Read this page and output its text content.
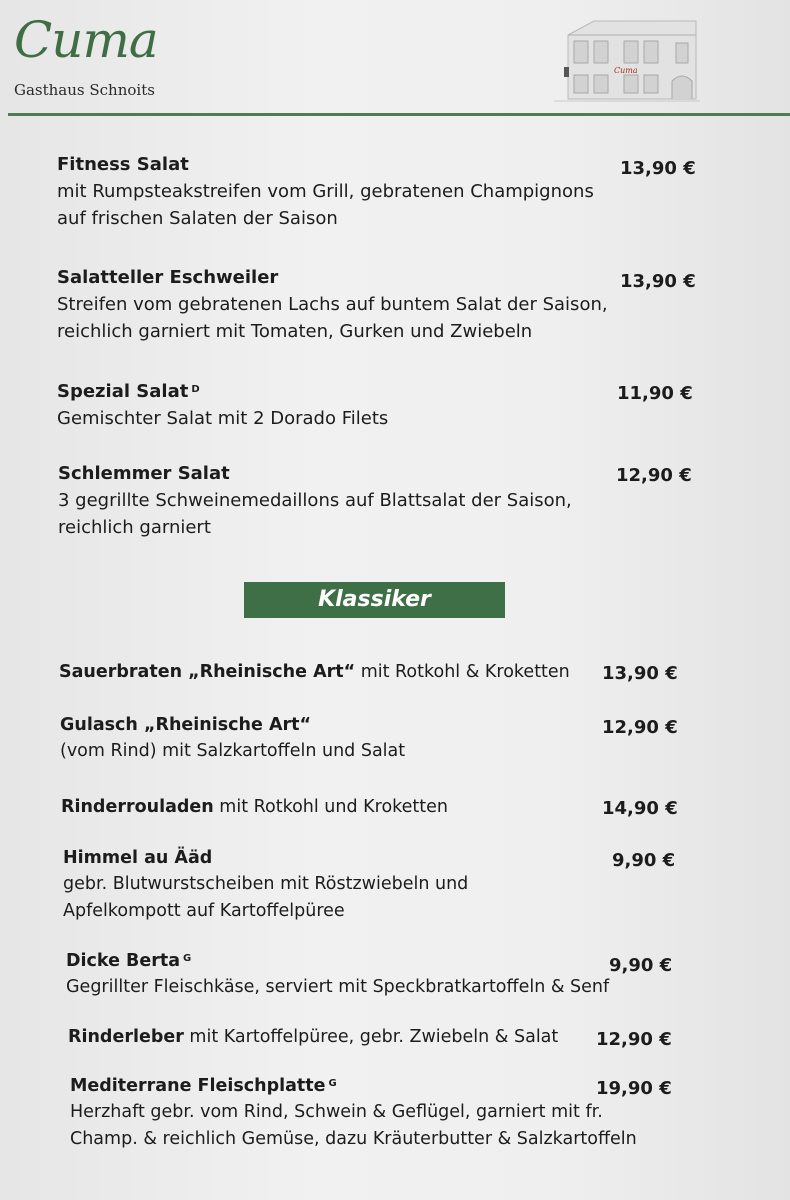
Cuma
Gasthaus Schnoits
Cuma
Fitness Salat
mit Rumpsteakstreifen vom Grill, gebratenen Champignons
auf frischen Salaten der Saison
13,90 €
Salatteller Eschweiler
Streifen vom gebratenen Lachs auf buntem Salat der Saison,
reichlich garniert mit Tomaten, Gurken und Zwiebeln
13,90 €
Spezial Salat $^D$
Gemischter Salat mit 2 Dorado Filets
11,90 €
Schlemmer Salat
3 gegrillte Schweinemedaillons auf Blattsalat der Saison,
reichlich garniert
12,90 €
Klassiker
Sauerbraten „Rheinische Art“ mit Rotkohl & Kroketten	13,90 €
Gulasch „Rheinische Art“
(vom Rind) mit Salzkartoffeln und Salat
12,90 €
Rinderrouladen mit Rotkohl und Kroketten	14,90 €
Himmel au Ääd
gebr. Blutwurstscheiben mit Röstzwiebeln und
Apfelkompott auf Kartoffelpüree
9,90 €
Dicke Berta $^G$
Gegrillter Fleischkäse, serviert mit Speckbratkartoffeln & Senf
9,90 €
Rinderleber mit Kartoffelpüree, gebr. Zwiebeln & Salat	12,90 €
Mediterrane Fleischplatte $^G$
Herzhaft gebr. vom Rind, Schwein & Geflügel, garniert mit fr.
Champ. & reichlich Gemüse, dazu Kräuterbutter & Salzkartoffeln
19,90 €
